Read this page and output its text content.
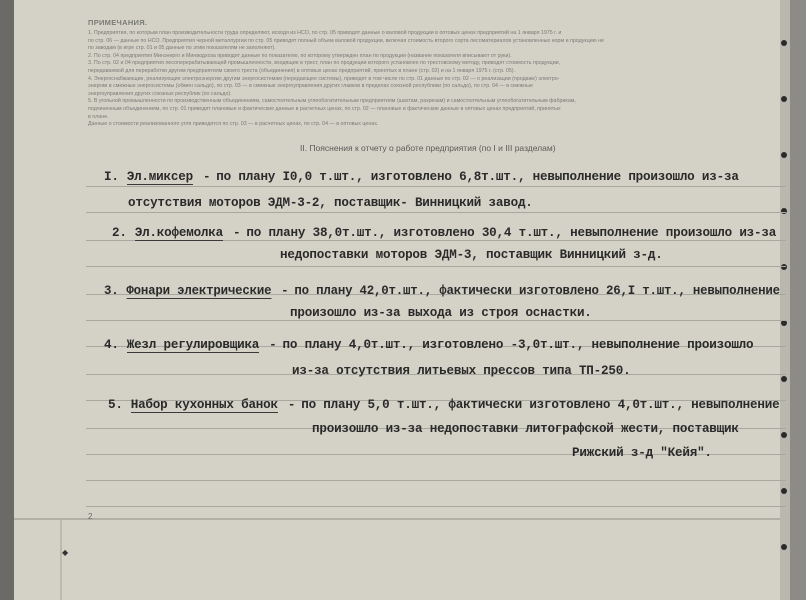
ПРИМЕЧАНИЯ.
1. Предприятия, по которым план производительности труда определяют, исходя из НСО, по стр. 05 приводят данные о валовой продукции в оптовых ценах предприятий на 1 января 1975 г. и
по стр. 06 — данные по НСО. Предприятия черной металлургии по стр. 05 приводят полный объем валовой продукции, включая стоимость второго сорта лесоматериалов установленных норм и продукцию не
по заводам (в игре стр. 01 и 05 данные по этим показателям не заполняют).
2. По стр. 04 предприятия Минэнерго и Минводхоза приводят данные по показателю, по которому утвержден план по продукции (название показателя вписывают от руки).
3. По стр. 02 и 04 предприятия лесоперерабатывающей промышленности, входящие в трест, план по продукции которого установлен по трестовскому методу, приводят стоимость продукции,
передаваемой для переработки другим предприятиям своего треста (объединения) в оптовых ценах предприятий, принятых в плане (стр. 02) и на 1 января 1975 г. (стр. 05).
4. Энергоснабжающие, реализующие электроэнергию другим энергосистемам (передающее системы), приводят в том числе по стр. 01 данные по стр. 02 — о реализации (продаже) электро-
энергии в смежные энергосистемы (обмен сальдо), по стр. 03 — в смежные энергоуправления других главков в пределах союзной республики (по сальдо), по стр. 04 — в смежные
энергоуправления других союзных республик (по сальдо).
5. В угольной промышленности по производственным объединениям, самостоятельным углеобогатительным предприятиям (шахтам, разрезам) и самостоятельным углеобогатительным фабрикам,
подчиненным объединениям, по стр. 01 приводят плановые и фактические данные в расчетных ценах, по стр. 02 — плановые и фактические данные в оптовых ценах предприятий, принятых
в плане.
Данные о стоимости реализованного угля приводятся по стр. 03 — в расчетных ценах, по стр. 04 — в оптовых ценах.
II. Пояснения к отчету о работе предприятия (по I и III разделам)
I. Эл.миксер - по плану I0,0 т.шт., изготовлено 6,8т.шт., невыполнение произошло из-за
отсутствия моторов ЭДМ-3-2, поставщик- Винницкий завод.
2. Эл.кофемолка - по плану 38,0т.шт., изготовлено 30,4 т.шт., невыполнение произошло из-за
недопоставки моторов ЭДМ-3, поставщик Винницкий з-д.
3. Фонари электрические - по плану 42,0т.шт., фактически изготовлено 26,I т.шт., невыполнение
произошло из-за выхода из строя оснастки.
4. Жезл регулировщика - по плану 4,0т.шт., изготовлено -3,0т.шт., невыполнение произошло
из-за отсутствия литьевых прессов типа ТП-250.
5. Набор кухонных банок - по плану 5,0 т.шт., фактически изготовлено 4,0т.шт., невыполнение
произошло из-за недопоставки литографской жести, поставщик
Рижский з-д "Кейя".
2
◆
